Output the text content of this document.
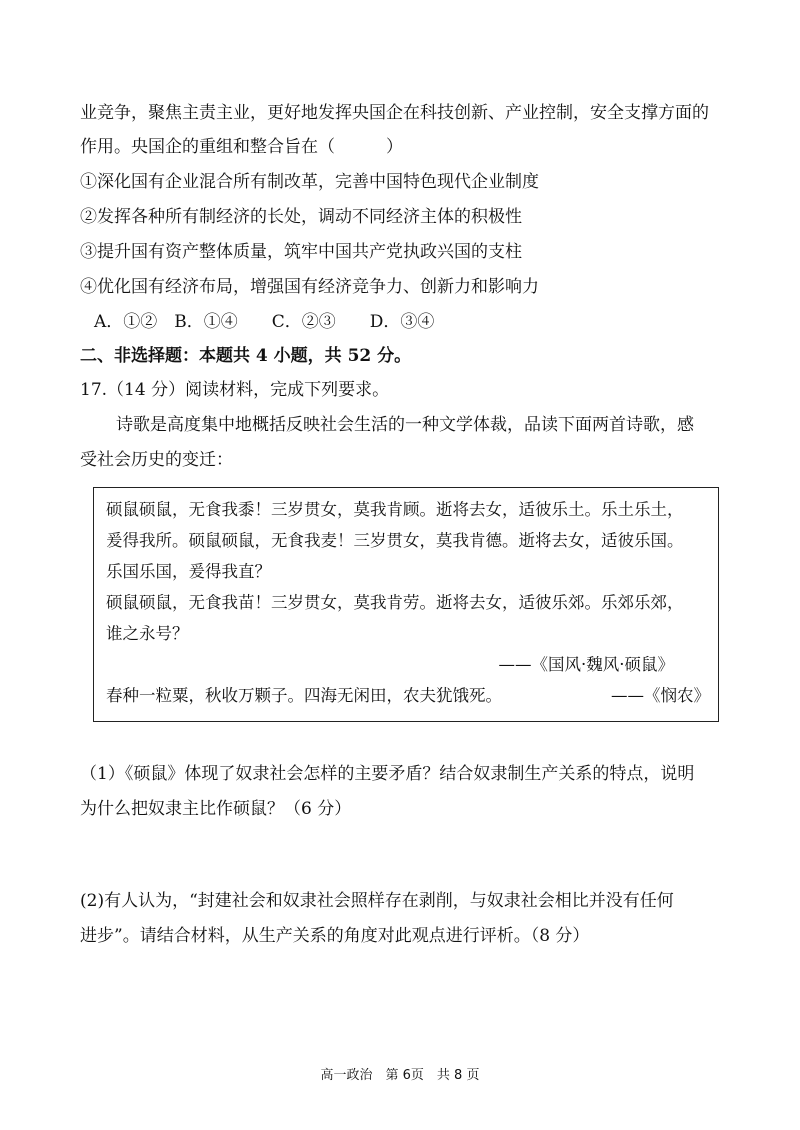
业竞争，聚焦主责主业，更好地发挥央国企在科技创新、产业控制，安全支撑方面的
作用。央国企的重组和整合旨在（　　　）
①深化国有企业混合所有制改革，完善中国特色现代企业制度
②发挥各种所有制经济的长处，调动不同经济主体的积极性
③提升国有资产整体质量，筑牢中国共产党执政兴国的支柱
④优化国有经济布局，增强国有经济竞争力、创新力和影响力
A．①②　B．①④　　C．②③　　D．③④
二、非选择题：本题共 4 小题，共 52 分。
17.（14 分）阅读材料，完成下列要求。
诗歌是高度集中地概括反映社会生活的一种文学体裁，品读下面两首诗歌，感
受社会历史的变迁：
硕鼠硕鼠，无食我黍！三岁贯女，莫我肯顾。逝将去女，适彼乐土。乐土乐土，
爰得我所。硕鼠硕鼠，无食我麦！三岁贯女，莫我肯德。逝将去女，适彼乐国。
乐国乐国，爰得我直？
硕鼠硕鼠，无食我苗！三岁贯女，莫我肯劳。逝将去女，适彼乐郊。乐郊乐郊，
谁之永号？
——《国风·魏风·硕鼠》
春种一粒粟，秋收万颗子。四海无闲田，农夫犹饿死。	——《悯农》
（1）《硕鼠》体现了奴隶社会怎样的主要矛盾？结合奴隶制生产关系的特点，说明
为什么把奴隶主比作硕鼠？（6 分）
(2)有人认为，“封建社会和奴隶社会照样存在剥削，与奴隶社会相比并没有任何
进步”。请结合材料，从生产关系的角度对此观点进行评析。（8 分）
高一政治　第 6页　共 8 页
